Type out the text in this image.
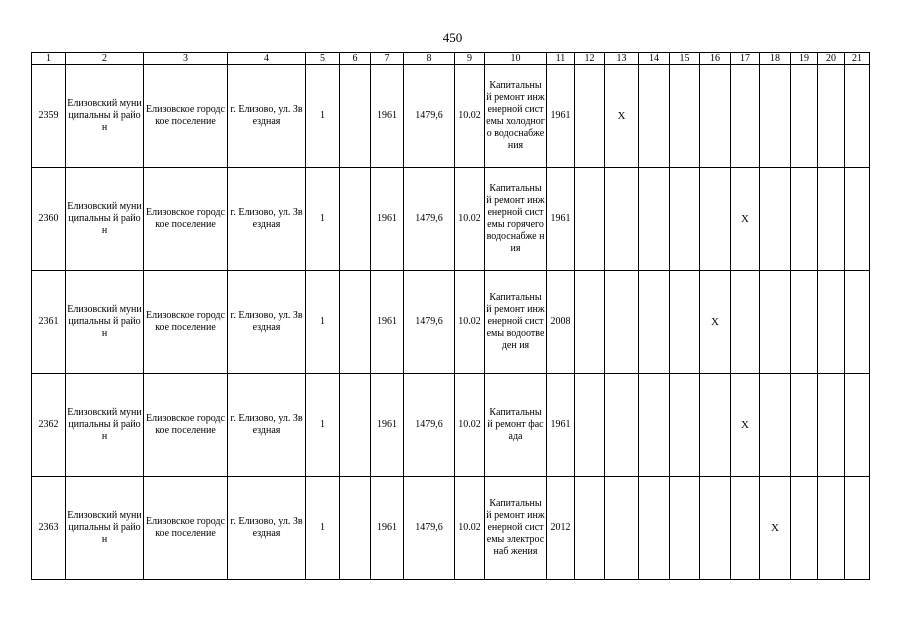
450
1	2	3	4	5	6	7	8	9	10	11	12	13	14	15	16	17	18	19	20	21

2359	Елизовский муниципальны й район	Елизовское городское поселение	г. Елизово, ул. Звездная	1		1961	1479,6	10.02	Капитальны й ремонт инженерной системы холодного водоснабже ния	1961		X								

2360	Елизовский муниципальны й район	Елизовское городское поселение	г. Елизово, ул. Звездная	1		1961	1479,6	10.02	Капитальны й ремонт инженерной системы горячего водоснабже ния	1961						X				

2361	Елизовский муниципальны й район	Елизовское городское поселение	г. Елизово, ул. Звездная	1		1961	1479,6	10.02	Капитальны й ремонт инженерной системы водоотведен ия	2008					X					

2362	Елизовский муниципальны й район	Елизовское городское поселение	г. Елизово, ул. Звездная	1		1961	1479,6	10.02	Капитальны й ремонт фасада	1961						X				

2363	Елизовский муниципальны й район	Елизовское городское поселение	г. Елизово, ул. Звездная	1		1961	1479,6	10.02	Капитальны й ремонт инженерной системы электроснаб жения	2012							X			
